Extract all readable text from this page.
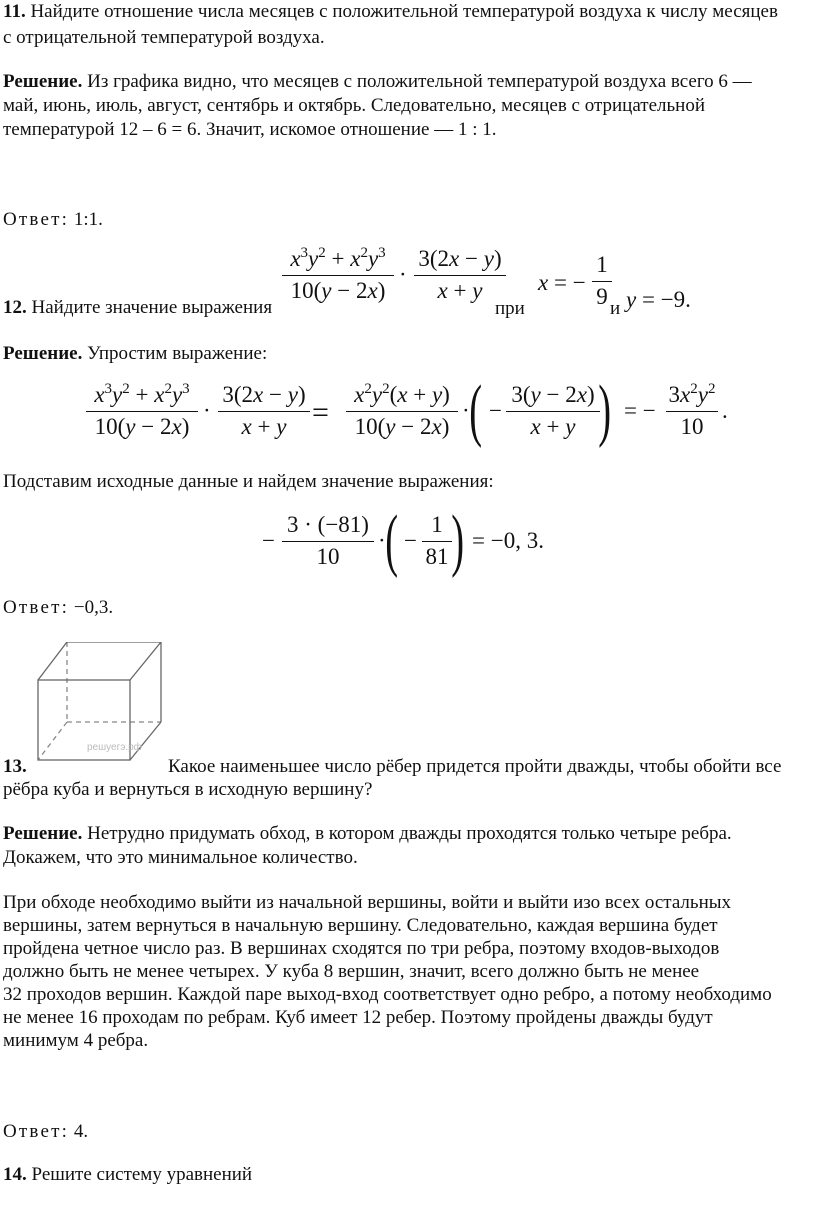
11. Найдите отношение числа месяцев с положительной температурой воздуха к числу месяцев
с отрицательной температурой воздуха.
Решение. Из графика видно, что месяцев с положительной температурой воздуха всего 6 —
май, июнь, июль, август, сентябрь и октябрь. Следовательно, месяцев с отрицательной
температурой 12 – 6 = 6. Значит, искомое отношение — 1 : 1.
Ответ: 1:1.
12. Найдите значение выражения
$x^3y^2 + x^2y^3$
10(y − 2x)
·
3(2x − y)
x + y
при
x = −
1
9 и y = −9.
Решение. Упростим выражение:
$x^3y^2 + x^2y^3$
10(y − 2x)
·
3(2x − y)
x + y =
$x^2y^2(x + y)$
10(y − 2x)
· ( −
3(y − 2x)
x + y ) = −
$3x^2y^2$
10
.
Подставим исходные данные и найдем значение выражения:
−
3 · (−81)
10
· ( −
1
81 ) = −0, 3.
Ответ: −0,3.
решуегэ.рф
13.	Какое наименьшее число рёбер придется пройти дважды, чтобы обойти все
рёбра куба и вернуться в исходную вершину?
Решение. Нетрудно придумать обход, в котором дважды проходятся только четыре ребра.
Докажем, что это минимальное количество.
При обходе необходимо выйти из начальной вершины, войти и выйти изо всех остальных
вершины, затем вернуться в начальную вершину. Следовательно, каждая вершина будет
пройдена четное число раз. В вершинах сходятся по три ребра, поэтому входов-выходов
должно быть не менее четырех. У куба 8 вершин, значит, всего должно быть не менее
32 проходов вершин. Каждой паре выход-вход соответствует одно ребро, а потому необходимо
не менее 16 проходам по ребрам. Куб имеет 12 ребер. Поэтому пройдены дважды будут
минимум 4 ребра.
Ответ: 4.
14. Решите систему уравнений
